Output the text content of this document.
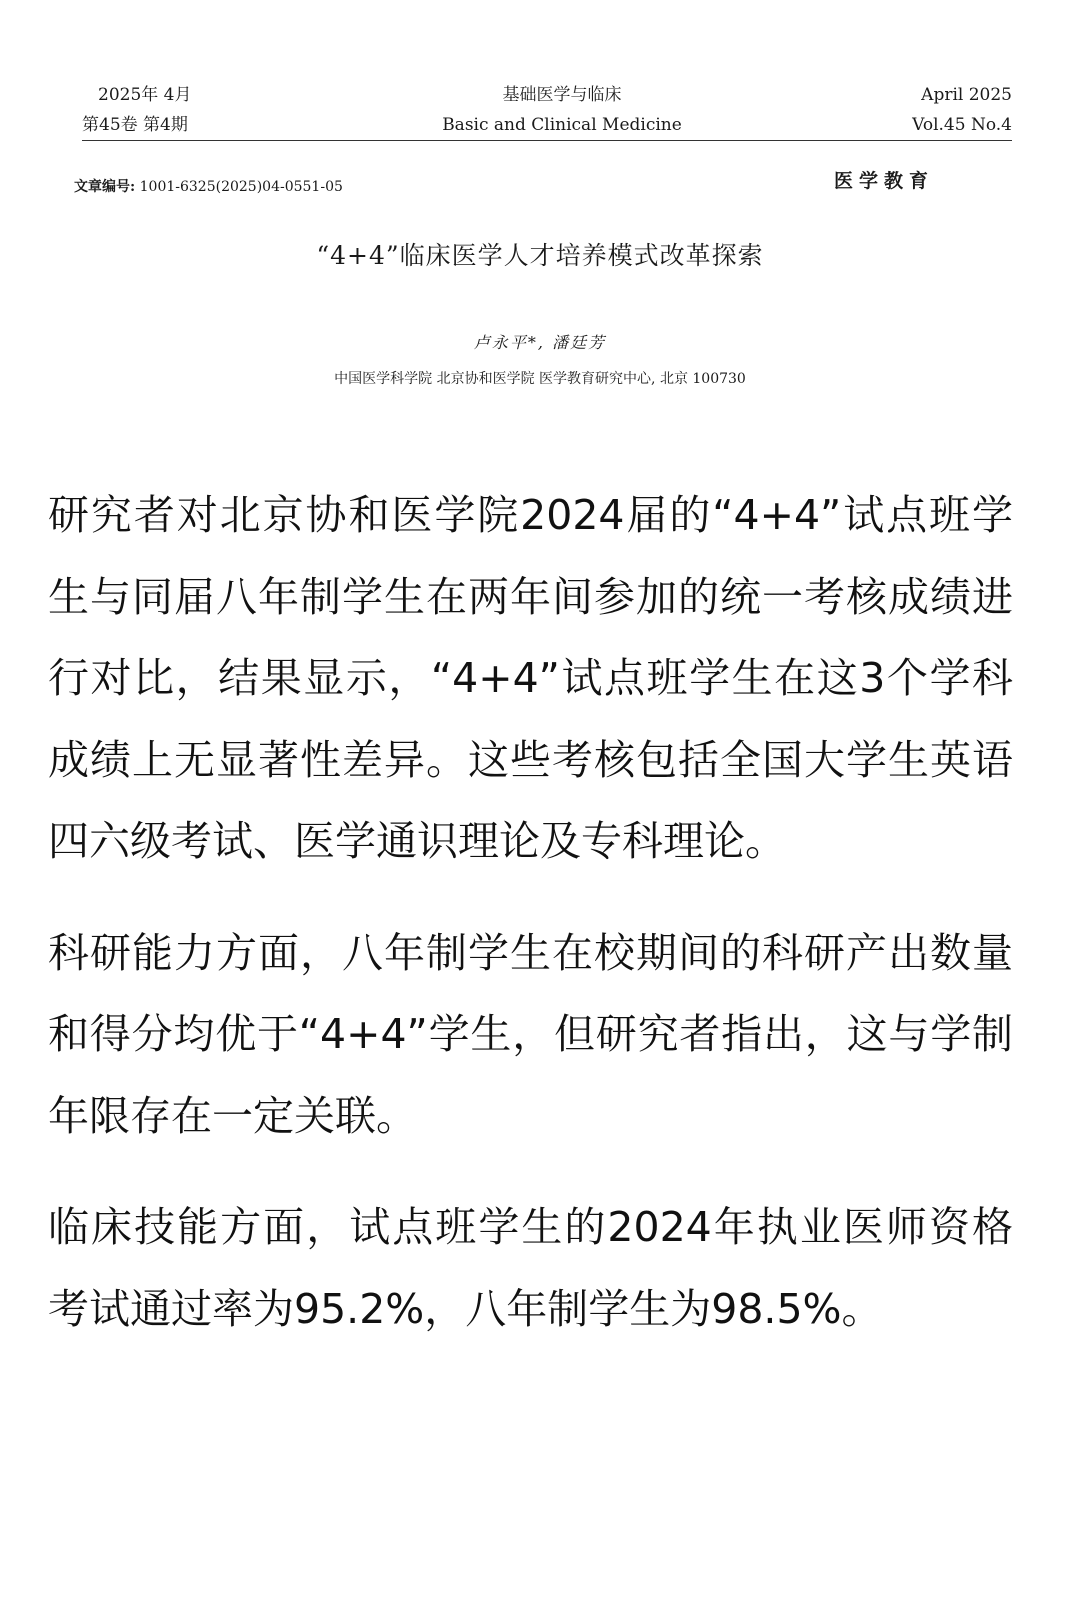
2025年 4月
第45卷 第4期
基础医学与临床
Basic and Clinical Medicine
April 2025
Vol.45 No.4
文章编号: 1001-6325(2025)04-0551-05	医学教育
“4+4”临床医学人才培养模式改革探索
卢永平*, 潘廷芳
中国医学科学院 北京协和医学院 医学教育研究中心, 北京 100730

研究者对北京协和医学院2024届的“4+4”试点班学生与同届八年制学生在两年间参加的统一考核成绩进行对比，结果显示，“4+4”试点班学生在这3个学科成绩上无显著性差异。这些考核包括全国大学生英语四六级考试、医学通识理论及专科理论。

科研能力方面，八年制学生在校期间的科研产出数量和得分均优于“4+4”学生，但研究者指出，这与学制年限存在一定关联。

临床技能方面，试点班学生的2024年执业医师资格考试通过率为95.2%，八年制学生为98.5%。
